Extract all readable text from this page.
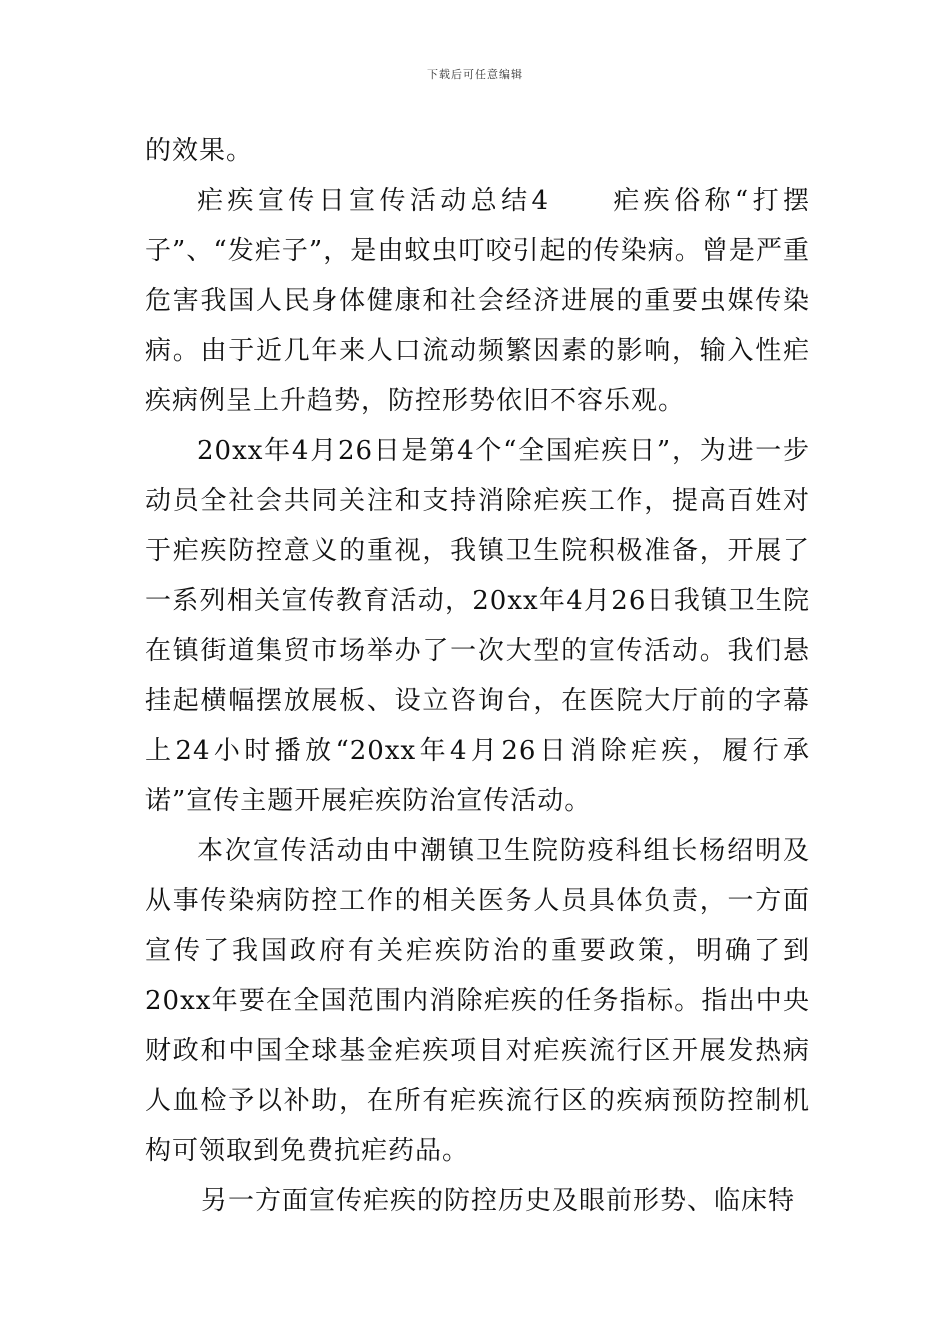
下载后可任意编辑

的效果。

疟疾宣传日宣传活动总结4　　疟疾俗称“打摆子”、“发疟子”，是由蚊虫叮咬引起的传染病。曾是严重危害我国人民身体健康和社会经济进展的重要虫媒传染病。由于近几年来人口流动频繁因素的影响，输入性疟疾病例呈上升趋势，防控形势依旧不容乐观。

20xx年4月26日是第4个“全国疟疾日”，为进一步动员全社会共同关注和支持消除疟疾工作，提高百姓对于疟疾防控意义的重视，我镇卫生院积极准备，开展了一系列相关宣传教育活动，20xx年4月26日我镇卫生院在镇街道集贸市场举办了一次大型的宣传活动。我们悬挂起横幅摆放展板、设立咨询台，在医院大厅前的字幕上24小时播放“20xx年4月26日消除疟疾，履行承诺”宣传主题开展疟疾防治宣传活动。

本次宣传活动由中潮镇卫生院防疫科组长杨绍明及从事传染病防控工作的相关医务人员具体负责，一方面宣传了我国政府有关疟疾防治的重要政策，明确了到20xx年要在全国范围内消除疟疾的任务指标。指出中央财政和中国全球基金疟疾项目对疟疾流行区开展发热病人血检予以补助，在所有疟疾流行区的疾病预防控制机构可领取到免费抗疟药品。

另一方面宣传疟疾的防控历史及眼前形势、临床特
